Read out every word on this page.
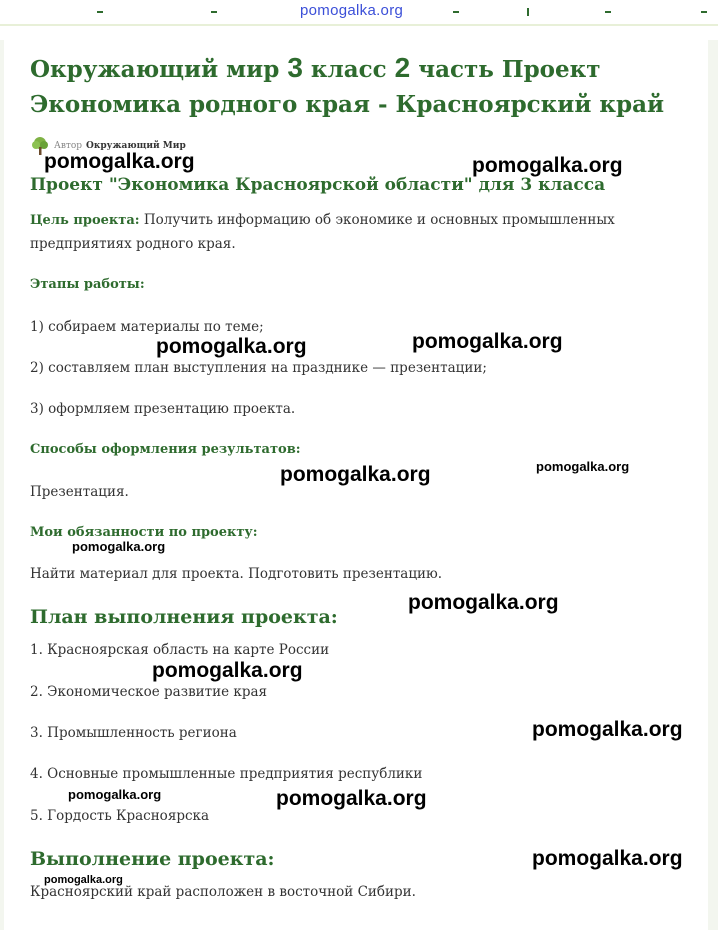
pomogalka.org
Окружающий мир 3 класс 2 часть Проект
Экономика родного края - Красноярский край
Автор Окружающий Мир
Проект "Экономика Красноярской области" для 3 класса
Цель проекта: Получить информацию об экономике и основных промышленных
предприятиях родного края.
Этапы работы:
1) собираем материалы по теме;
2) составляем план выступления на празднике — презентации;
3) оформляем презентацию проекта.
Способы оформления результатов:
Презентация.
Мои обязанности по проекту:
Найти материал для проекта. Подготовить презентацию.
План выполнения проекта:
1. Красноярская область на карте России
2. Экономическое развитие края
3. Промышленность региона
4. Основные промышленные предприятия республики
5. Гордость Красноярска
Выполнение проекта:
Красноярский край расположен в восточной Сибири.
pomogalka.org	pomogalka.org
pomogalka.org	pomogalka.org
pomogalka.org	pomogalka.org
pomogalka.org
pomogalka.org
pomogalka.org
pomogalka.org
pomogalka.org	pomogalka.org
pomogalka.org
pomogalka.org
